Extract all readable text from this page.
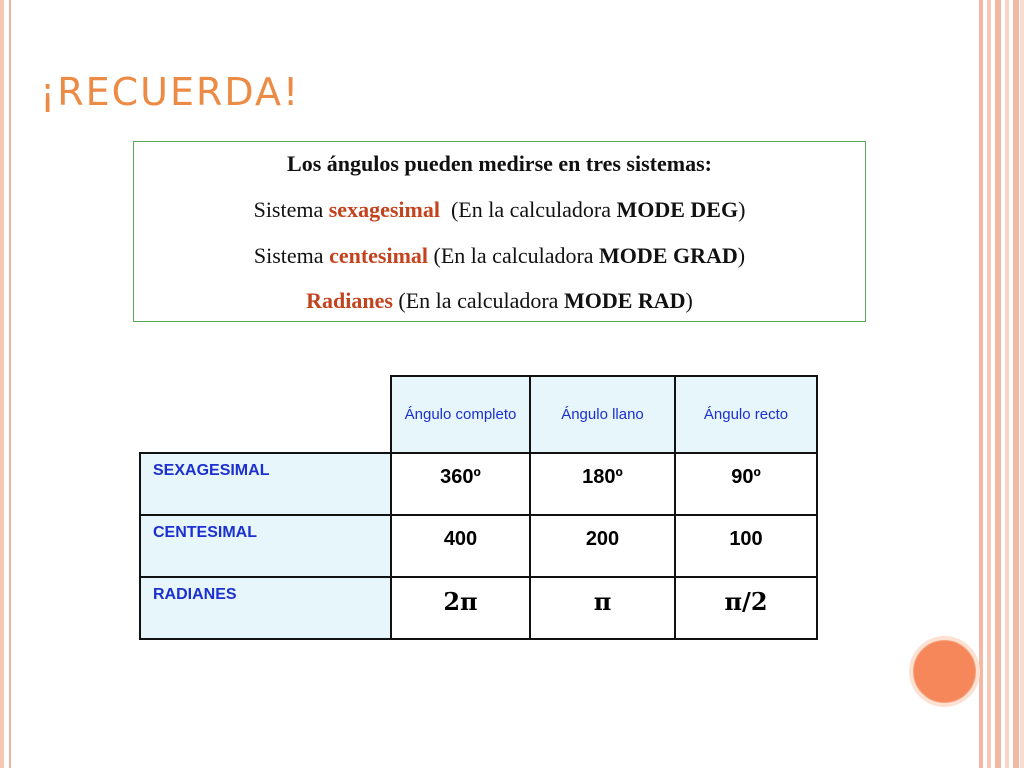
¡RECUERDA!
Los ángulos pueden medirse en tres sistemas:
Sistema sexagesimal  (En la calculadora MODE DEG)
Sistema centesimal (En la calculadora MODE GRAD)
Radianes (En la calculadora MODE RAD)
	Ángulo completo	Ángulo llano	Ángulo recto
SEXAGESIMAL	360º	180º	90º
CENTESIMAL	400	200	100
RADIANES	2π	π	π/2
